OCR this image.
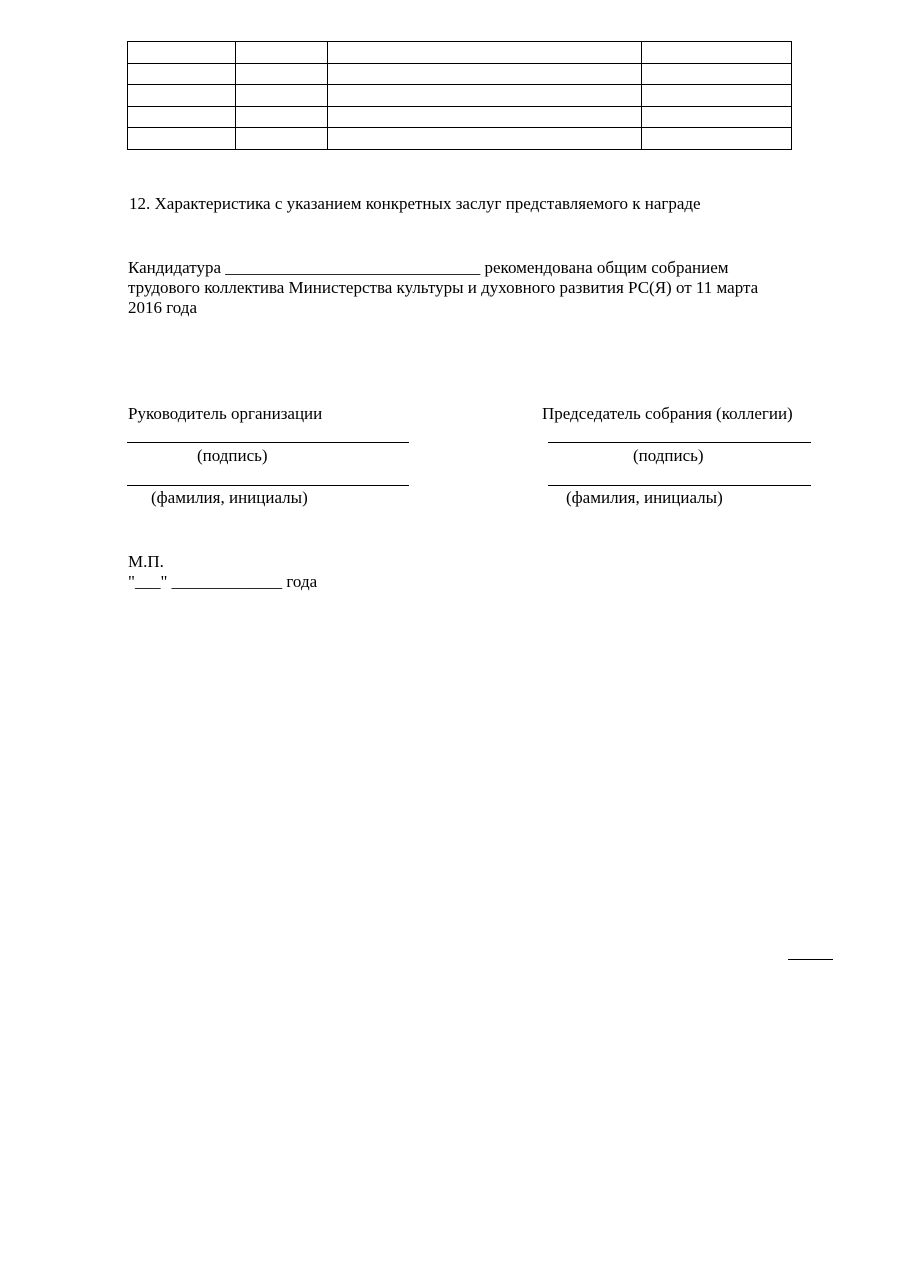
12. Характеристика с указанием конкретных заслуг представляемого к награде
Кандидатура ______________________________ рекомендована общим собранием
трудового коллектива Министерства культуры и духовного развития РС(Я) от 11 марта
2016 года
Руководитель организации
(подпись)
(фамилия, инициалы)
Председатель собрания (коллегии)
(подпись)
(фамилия, инициалы)
М.П.
"___" _____________ года
